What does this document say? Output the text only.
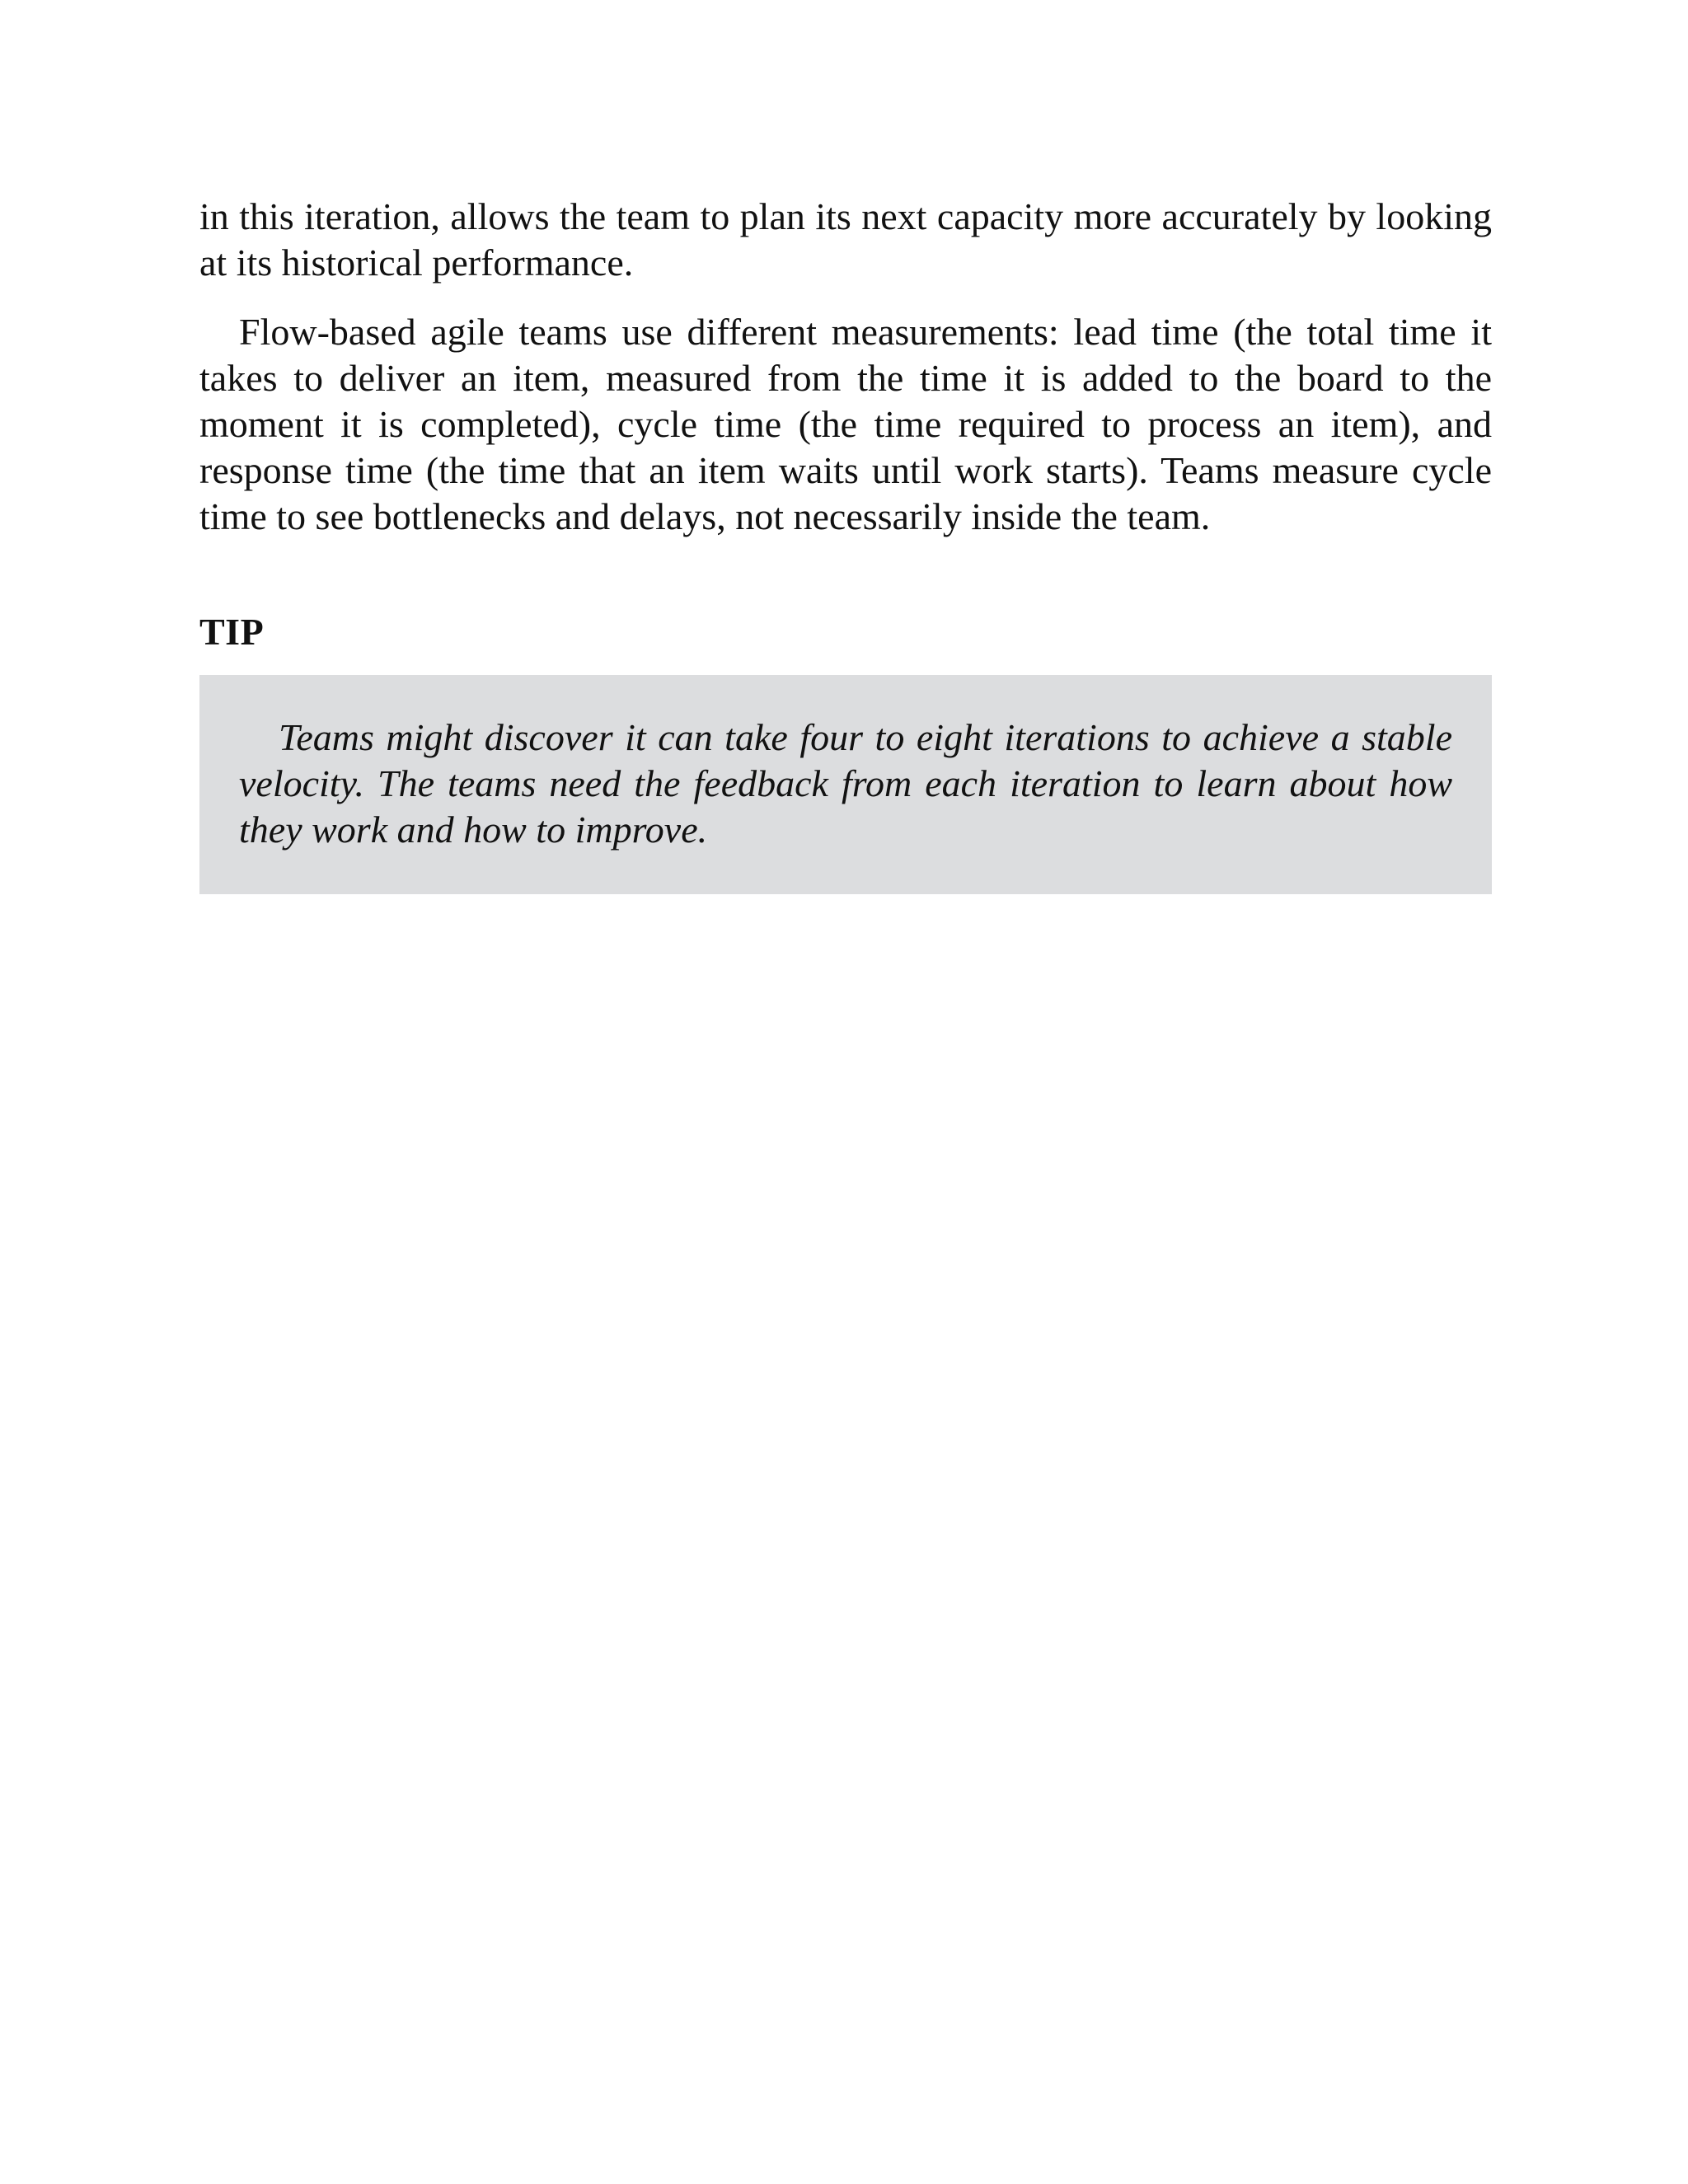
in this iteration, allows the team to plan its next capacity more accurately by looking at its historical performance.

Flow-based agile teams use different measurements: lead time (the total time it takes to deliver an item, measured from the time it is added to the board to the moment it is completed), cycle time (the time required to process an item), and response time (the time that an item waits until work starts). Teams measure cycle time to see bottlenecks and delays, not necessarily inside the team.

TIP

Teams might discover it can take four to eight iterations to achieve a stable velocity. The teams need the feedback from each iteration to learn about how they work and how to improve.
